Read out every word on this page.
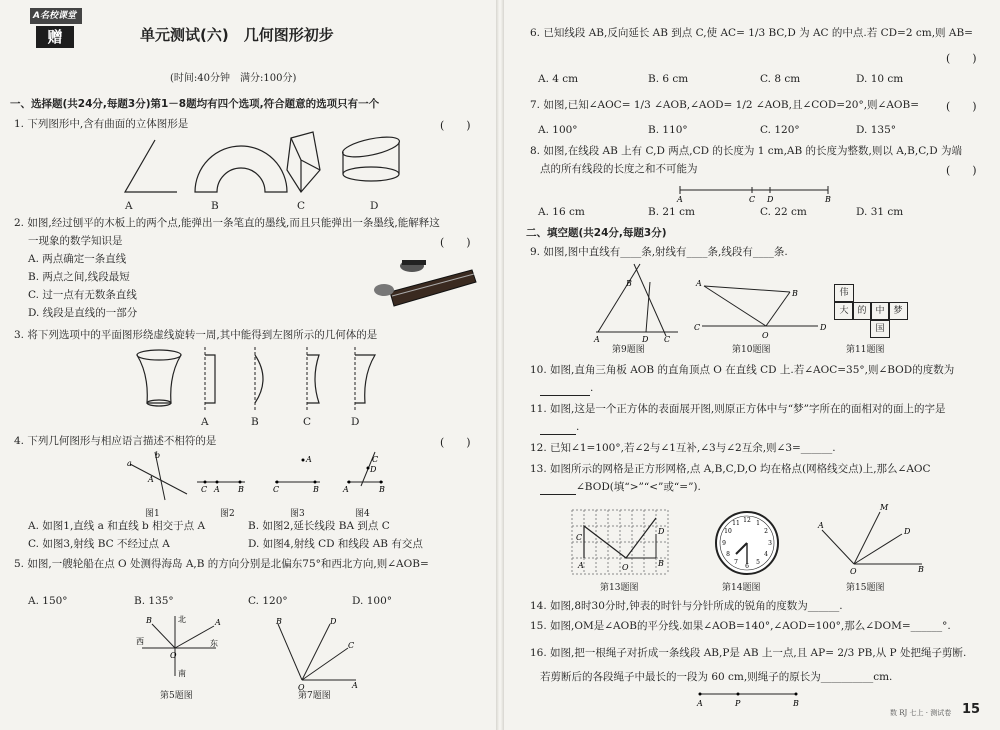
A名校课堂
赠	单元测试(六)　几何图形初步
(时间:40分钟　满分:100分)
一、选择题(共24分,每题3分)第1－8题均有四个选项,符合题意的选项只有一个
1. 下列图形中,含有曲面的立体图形是	(　　)
A	B	C	D
2. 如图,经过刨平的木板上的两个点,能弹出一条笔直的墨线,而且只能弹出一条墨线,能解释这
一现象的数学知识是	(　　)
A. 两点确定一条直线
B. 两点之间,线段最短
C. 过一点有无数条直线
D. 线段是直线的一部分
3. 将下列选项中的平面图形绕虚线旋转一周,其中能得到左图所示的几何体的是
A	B	C	D
4. 下列几何图形与相应语言描述不相符的是	(　　)
a
b
A
C A B	C	B
A
A	B
C
D
图1	图2	图3	图4
A. 如图1,直线 a 和直线 b 相交于点 A	B. 如图2,延长线段 BA 到点 C
C. 如图3,射线 BC 不经过点 A	D. 如图4,射线 CD 和线段 AB 有交点
5. 如图,一艘轮船在点 O 处测得海岛 A,B 的方向分别是北偏东75°和西北方向,则∠AOB=
A. 150°	B. 135°	C. 120°	D. 100°
北
南
东
西
A
B
O
B	D
C
A
O
第5题图	第7题图
6. 已知线段 AB,反向延长 AB 到点 C,使 AC= 1/3 BC,D 为 AC 的中点.若 CD=2 cm,则 AB=
(　　)
A. 4 cm	B. 6 cm	C. 8 cm	D. 10 cm
7. 如图,已知∠AOC= 1/3 ∠AOB,∠AOD= 1/2 ∠AOB,且∠COD=20°,则∠AOB= (　　)
A. 100°	B. 110°	C. 120°	D. 135°
8. 如图,在线段 AB 上有 C,D 两点,CD 的长度为 1 cm,AB 的长度为整数,则以 A,B,C,D 为端
点的所有线段的长度之和不可能为	(　　)
A	C D	B
A. 16 cm	B. 21 cm	C. 22 cm	D. 31 cm
二、填空题(共24分,每题3分)
9. 如图,图中直线有____条,射线有____条,线段有____条.
A	D C
B	A
B
C	D
O
伟
大 的 中 梦
国
第9题图	第10题图	第11题图
10. 如图,直角三角板 AOB 的直角顶点 O 在直线 CD 上.若∠AOC=35°,则∠BOD的度数为
.
11. 如图,这是一个正方体的表面展开图,则原正方体中与“梦”字所在的面相对的面上的字是
.
12. 已知∠1=100°,若∠2与∠1互补,∠3与∠2互余,则∠3=______.
13. 如图所示的网格是正方形网格,点 A,B,C,D,O 均在格点(网格线交点)上,那么∠AOC
∠BOD(填“>”“<”或“=”).
C
A	O
D
B
12 1
2
3
4
5
6
7
8
9
10
11	A
M
D
B
O
第13题图	第14题图	第15题图
14. 如图,8时30分时,钟表的时针与分针所成的锐角的度数为______.
15. 如图,OM是∠AOB的平分线.如果∠AOB=140°,∠AOD=100°,那么∠DOM=______°.
16. 如图,把一根绳子对折成一条线段 AB,P是 AB 上一点,且 AP= 2/3 PB,从 P 处把绳子剪断.
若剪断后的各段绳子中最长的一段为 60 cm,则绳子的原长为__________cm.
A	P	B
数 RJ 七上 · 测试卷 15
